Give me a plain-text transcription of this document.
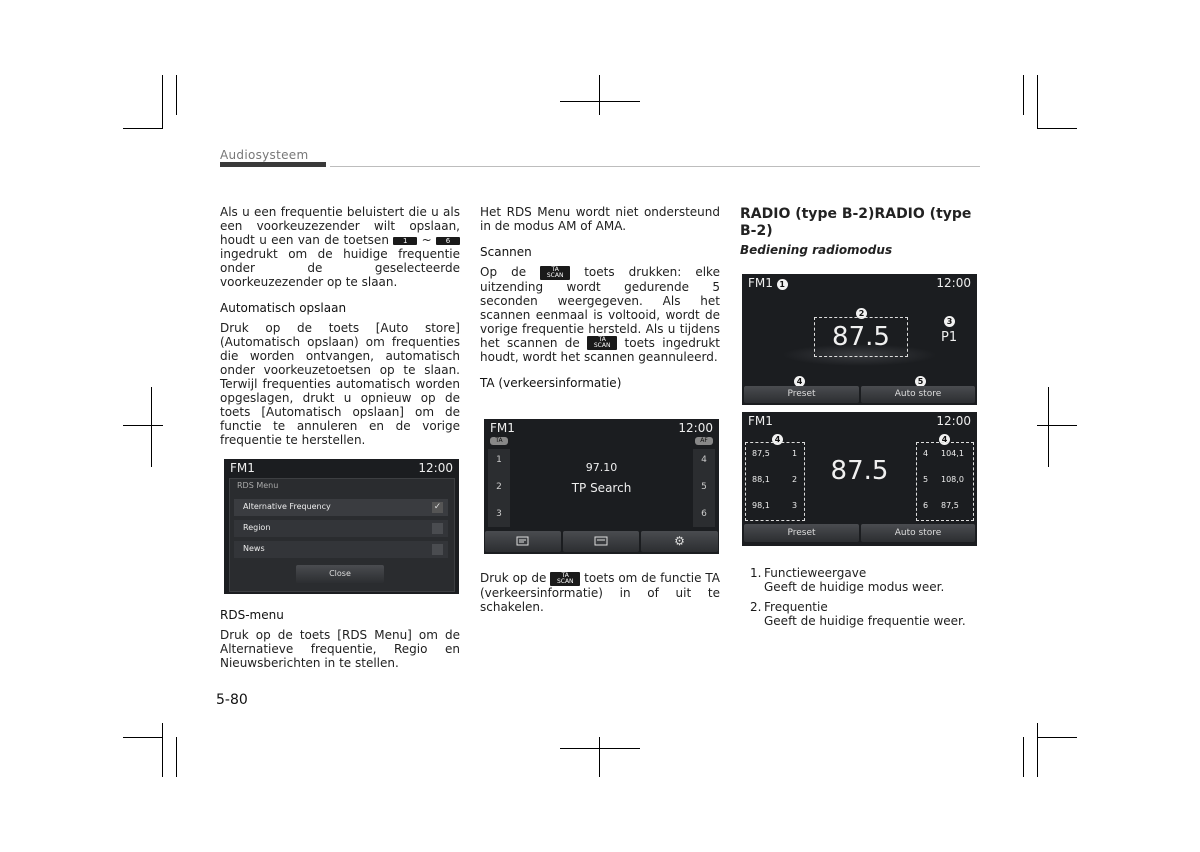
Audiosysteem

Als u een frequentie beluistert die u als een voorkeuzezender wilt opslaan, houdt u een van de toetsen 1 ~ 6 ingedrukt om de huidige frequentie onder de geselecteerde voorkeuzezender op te slaan.

Automatisch opslaan

Druk op de toets [Auto store] (Automatisch opslaan) om frequenties die worden ontvangen, automatisch onder voorkeuzetoetsen op te slaan. Terwijl frequenties automatisch worden opgeslagen, drukt u opnieuw op de toets [Automatisch opslaan] om de functie te annuleren en de vorige frequentie te herstellen.

FM1	12:00
RDS Menu
Alternative Frequency	✓
Region
News
Close
RDS-menu

Druk op de toets [RDS Menu] om de Alternatieve frequentie, Regio en Nieuwsberichten in te stellen.

5-80

Het RDS Menu wordt niet ondersteund in de modus AM of AMA.

Scannen

Op de	TA
SCAN toets drukken: elke uitzending wordt gedurende 5 seconden weergegeven. Als het scannen eenmaal is voltooid, wordt de vorige frequentie hersteld. Als u tijdens het scannen de	TA
SCAN toets ingedrukt houdt, wordt het scannen geannuleerd.

TA (verkeersinformatie)
FM1	12:00
TA	AF
1
2
3
4
5
6
97.10
TP Search
⚙

Druk op de	TA
SCAN toets om de functie TA (verkeersinformatie) in of uit te schakelen.

RADIO (type B-2)RADIO (type B-2)
Bediening radiomodus
FM1 1	12:00
2
87.5
3
P1
4	5
Preset	Auto store
FM1	12:00
4	4
87,5	1
88,1	2
98,1	3
4 104,1
5 108,0
6 87,5
87.5
Preset	Auto store
1. Functieweergave
Geeft de huidige modus weer.
2. Frequentie
Geeft de huidige frequentie weer.
